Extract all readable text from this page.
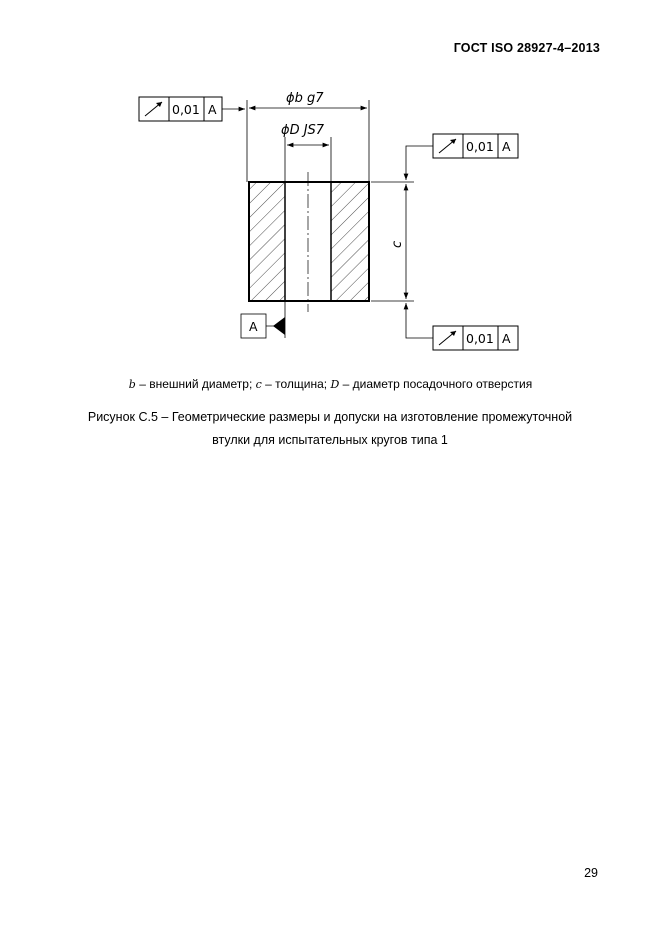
ГОСТ ISO 28927-4–2013
ϕb g7
ϕD JS7
c
0,01 A
0,01 A
0,01 A
A
b – внешний диаметр; c – толщина; D – диаметр посадочного отверстия
Рисунок С.5 – Геометрические размеры и допуски на изготовление промежуточной
втулки для испытательных кругов типа 1
29
